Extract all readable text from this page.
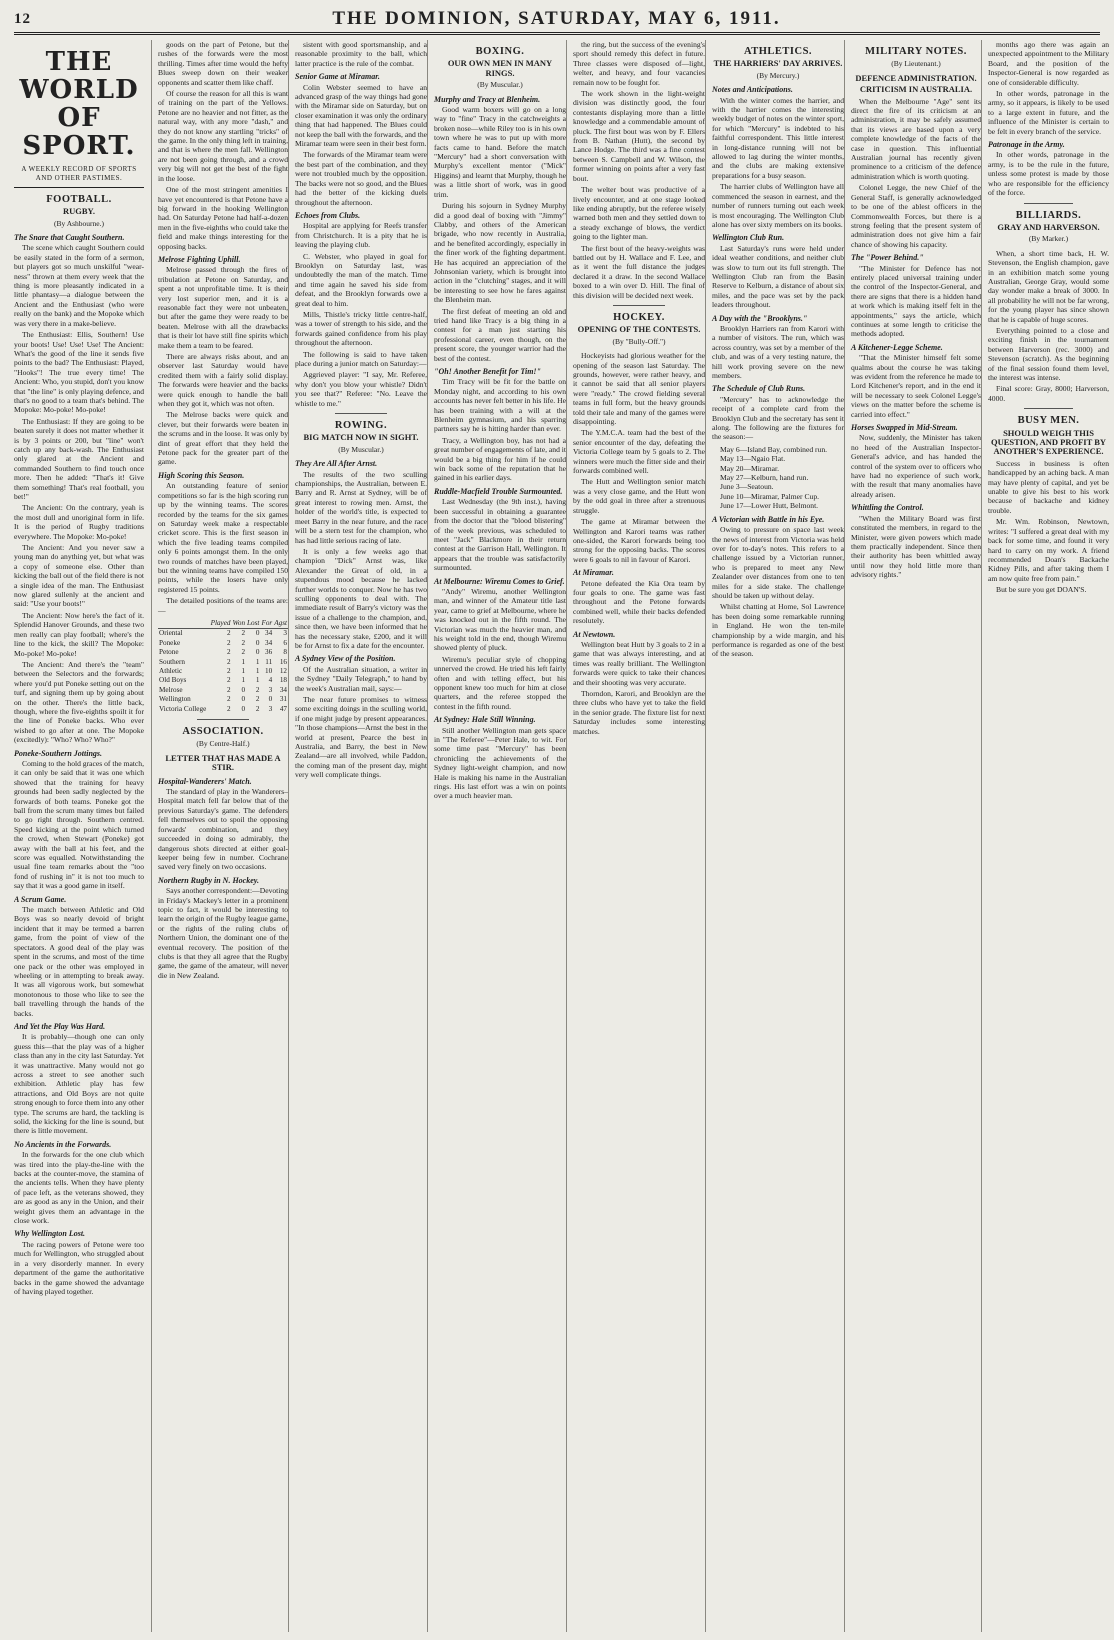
12	THE DOMINION, SATURDAY, MAY 6, 1911.
THE WORLD OF SPORT.
A WEEKLY RECORD OF SPORTS AND OTHER PASTIMES.
FOOTBALL.
RUGBY.
(By Ashbourne.)
The Snare that Caught Southern.

The scene which caught Southern could be easily stated in the form of a sermon, but players got so much unskilful "wear-ness" thrown at them every week that the thing is more pleasantly indicated in a little phantasy—a dialogue between the Ancient and the Enthusiast (who were really on the bank) and the Mopoke which was very there in a make-believe.

The Enthusiast: Ellis, Southern! Use your boots! Use! Use! Use! The Ancient: What's the good of the line it sends five points to the bad? The Enthusiast: Played, "Hooks"! The true every time! The Ancient: Who, you stupid, don't you know that "the line" is only playing defence, and that's no good to a team that's behind. The Mopoke: Mo-poke! Mo-poke!

The Enthusiast: If they are going to be beaten surely it does not matter whether it is by 3 points or 200, but "line" won't catch up any back-wash. The Enthusiast only glared at the Ancient and commanded Southern to find touch once more. Then he added: "That's it! Give them something! That's real football, you bet!"

The Ancient: On the contrary, yeah is the most dull and unoriginal form in life. It is the period of Rugby traditions everywhere. The Mopoke: Mo-poke!

The Ancient: And you never saw a young man do anything yet, but what was a copy of someone else. Other than kicking the ball out of the field there is not a single idea of the man. The Enthusiast now glared sullenly at the ancient and said: "Use your boots!"

The Ancient: Now here's the fact of it. Splendid Hanover Grounds, and these two men really can play football; where's the line to the kick, the skill? The Mopoke: Mo-poke! Mo-poke!

The Ancient: And there's the "team" between the Selectors and the forwards; where you'd put Poneke setting out on the turf, and signing them up by going about on the other. There's the little back, though, where the five-eighths spoilt it for the line of Poneke backs. Who ever wished to go after at one. The Mopoke (excitedly): "Who? Who? Who?"

Poneke-Southern Jottings.

Coming to the hold graces of the match, it can only be said that it was one which showed that the training for heavy grounds had been sadly neglected by the forwards of both teams. Poneke got the ball from the scrum many times but failed to go right through. Southern centred. Speed kicking at the point which turned the crowd, when Stewart (Poneke) got away with the ball at his feet, and the score was equalled. Notwithstanding the usual fine team remarks about the "too fond of rushing in" it is not too much to say that it was a good game in itself.

A Scrum Game.

The match between Athletic and Old Boys was so nearly devoid of bright incident that it may be termed a barren game, from the point of view of the spectators. A good deal of the play was spent in the scrums, and most of the time one pack or the other was employed in wheeling or in attempting to break away. It was all vigorous work, but somewhat monotonous to those who like to see the ball travelling through the hands of the backs.

And Yet the Play Was Hard.

It is probably—though one can only guess this—that the play was of a higher class than any in the city last Saturday. Yet it was unattractive. Many would not go across a street to see another such exhibition. Athletic play has few attractions, and Old Boys are not quite strong enough to force them into any other type. The scrums are hard, the tackling is solid, the kicking for the line is sound, but there is little movement.

No Ancients in the Forwards.

In the forwards for the one club which was tired into the play-the-line with the backs at the counter-move, the stamina of the ancients tells. When they have plenty of pace left, as the veterans showed, they are as good as any in the Union, and their weight gives them an advantage in the close work.

Why Wellington Lost.

The racing powers of Petone were too much for Wellington, who struggled about in a very disorderly manner. In every department of the game the authoritative backs in the game showed the advantage of having played together.

goods on the part of Petone, but the rushes of the forwards were the most thrilling. Times after time would the hefty Blues sweep down on their weaker opponents and scatter them like chaff.

Of course the reason for all this is want of training on the part of the Yellows. Petone are no heavier and not fitter, as the natural way, with any more "dash," and they do not know any startling "tricks" of the game. In the only thing left in training, and that is where the men fall. Wellington are not been going through, and a crowd very big will not get the best of the fight in the loose.

One of the most stringent amenities I have yet encountered is that Petone have a big forward in the hooking Wellington had. On Saturday Petone had half-a-dozen men in the five-eighths who could take the field and make things interesting for the opposing backs.

Melrose Fighting Uphill.

Melrose passed through the fires of tribulation at Petone on Saturday, and spent a not unprofitable time. It is their very lost superior men, and it is a reasonable fact they were not unbeaten, but after the game they were ready to be beaten. Melrose with all the drawbacks that is their lot have still fine spirits which make them a team to be feared.

There are always risks about, and an observer last Saturday would have credited them with a fairly solid display. The forwards were heavier and the backs were quick enough to handle the ball when they got it, which was not often.

The Melrose backs were quick and clever, but their forwards were beaten in the scrums and in the loose. It was only by dint of great effort that they held the Petone pack for the greater part of the game.

High Scoring this Season.

An outstanding feature of senior competitions so far is the high scoring run up by the winning teams. The scores recorded by the teams for the six games on Saturday week make a respectable cricket score. This is the first season in which the five leading teams compiled only 6 points amongst them. In the only two rounds of matches have been played, but the winning teams have compiled 150 points, while the losers have only registered 15 points.

The detailed positions of the teams are:—

	Played	Won	Lost	For	Agst
Oriental	2	2	0	34	3
Poneke	2	2	0	34	6
Petone	2	2	0	36	8
Southern	2	1	1	11	16
Athletic	2	1	1	10	12
Old Boys	2	1	1	4	18
Melrose	2	0	2	3	34
Wellington	2	0	2	0	31
Victoria College	2	0	2	3	47
ASSOCIATION.
(By Centre-Half.)
LETTER THAT HAS MADE A STIR.
Hospital-Wanderers' Match.

The standard of play in the Wanderers–Hospital match fell far below that of the previous Saturday's game. The defenders fell themselves out to spoil the opposing forwards' combination, and they succeeded in doing so admirably, the dangerous shots directed at either goal-keeper being few in number. Cochrane saved very finely on two occasions.

Northern Rugby in N. Hockey.

Says another correspondent:—Devoting in Friday's Mackey's letter in a prominent topic to fact, it would be interesting to learn the origin of the Rugby league game, or the rights of the ruling clubs of Northern Union, the dominant one of the eventual recovery. The position of the clubs is that they all agree that the Rugby game, the game of the amateur, will never die in New Zealand.

sistent with good sportsmanship, and a reasonable proximity to the ball, which latter practice is the rule of the combat.

Senior Game at Miramar.

Colin Webster seemed to have an advanced grasp of the way things had gone with the Miramar side on Saturday, but on closer examination it was only the ordinary thing that had happened. The Blues could not keep the ball with the forwards, and the Miramar team were seen in their best form.

The forwards of the Miramar team were the best part of the combination, and they were not troubled much by the opposition. The backs were not so good, and the Blues had the better of the kicking duels throughout the afternoon.

Echoes from Clubs.

Hospital are applying for Reefs transfer from Christchurch. It is a pity that he is leaving the playing club.

C. Webster, who played in goal for Brooklyn on Saturday last, was undoubtedly the man of the match. Time and time again he saved his side from defeat, and the Brooklyn forwards owe a great deal to him.

Mills, Thistle's tricky little centre-half, was a tower of strength to his side, and the forwards gained confidence from his play throughout the afternoon.

The following is said to have taken place during a junior match on Saturday:—

Aggrieved player: "I say, Mr. Referee, why don't you blow your whistle? Didn't you see that?" Referee: "No. Leave the whistle to me."

ROWING.
BIG MATCH NOW IN SIGHT.
(By Muscular.)
They Are All After Arnst.

The results of the two sculling championships, the Australian, between E. Barry and R. Arnst at Sydney, will be of great interest to rowing men. Arnst, the holder of the world's title, is expected to meet Barry in the near future, and the race will be a stern test for the champion, who has had little serious racing of late.

It is only a few weeks ago that champion "Dick" Arnst was, like Alexander the Great of old, in a stupendous mood because he lacked further worlds to conquer. Now he has two sculling opponents to deal with. The immediate result of Barry's victory was the issue of a challenge to the champion, and, since then, we have been informed that he has the necessary stake, £200, and it will be for Arnst to fix a date for the encounter.

A Sydney View of the Position.

Of the Australian situation, a writer in the Sydney "Daily Telegraph," to hand by the week's Australian mail, says:—

The near future promises to witness some exciting doings in the sculling world, if one might judge by present appearances. "In those champions—Arnst the best in the world at present, Pearce the best in Australia, and Barry, the best in New Zealand—are all involved, while Paddon, the coming man of the present day, might very well complicate things.

BOXING.
OUR OWN MEN IN MANY RINGS.
(By Muscular.)
Murphy and Tracy at Blenheim.

Good warm boxers will go on a long way to "fine" Tracy in the catchweights a broken nose—while Riley too is in his own town where he was to put up with more facts came to hand. Before the match "Mercury" had a short conversation with Murphy's excellent mentor ("Mick" Higgins) and learnt that Murphy, though he was a little short of work, was in good trim.

During his sojourn in Sydney Murphy did a good deal of boxing with "Jimmy" Clabby, and others of the American brigade, who now recently in Australia, and he benefited accordingly, especially in the finer work of the fighting department. He has acquired an appreciation of the Johnsonian variety, which is brought into action in the "clutching" stages, and it will be interesting to see how he fares against the Blenheim man.

The first defeat of meeting an old and tried hand like Tracy is a big thing in a contest for a man just starting his professional career, even though, on the present score, the younger warrior had the best of the contest.

"Oh! Another Benefit for Tim!"

Tim Tracy will be fit for the battle on Monday night, and according to his own accounts has never felt better in his life. He has been training with a will at the Blenheim gymnasium, and his sparring partners say he is hitting harder than ever.

Tracy, a Wellington boy, has not had a great number of engagements of late, and it would be a big thing for him if he could win back some of the reputation that he gained in his earlier days.

Ruddle-Macfield Trouble Surmounted.

Last Wednesday (the 9th inst.), having been successful in obtaining a guarantee from the doctor that the "blood blistering" of the week previous, was scheduled to meet "Jack" Blackmore in their return contest at the Garrison Hall, Wellington. It appears that the trouble was satisfactorily surmounted.

At Melbourne: Wiremu Comes to Grief.

"Andy" Wiremu, another Wellington man, and winner of the Amateur title last year, came to grief at Melbourne, where he was knocked out in the fifth round. The Victorian was much the heavier man, and his weight told in the end, though Wiremu showed plenty of pluck.

Wiremu's peculiar style of chopping unnerved the crowd. He tried his left fairly often and with telling effect, but his opponent knew too much for him at close quarters, and the referee stopped the contest in the fifth round.

At Sydney: Hale Still Winning.

Still another Wellington man gets space in "The Referee"—Peter Hale, to wit. For some time past "Mercury" has been chronicling the achievements of the Sydney light-weight champion, and now Hale is making his name in the Australian rings. His last effort was a win on points over a much heavier man.

the ring, but the success of the evening's sport should remedy this defect in future. Three classes were disposed of—light, welter, and heavy, and four vacancies remain now to be fought for.

The work shown in the light-weight division was distinctly good, the four contestants displaying more than a little knowledge and a commendable amount of pluck. The first bout was won by F. Ellers from B. Nathan (Hutt), the second by Lance Hodge. The third was a fine contest between S. Campbell and W. Wilson, the former winning on points after a very fast bout.

The welter bout was productive of a lively encounter, and at one stage looked like ending abruptly, but the referee wisely warned both men and they settled down to a steady exchange of blows, the verdict going to the lighter man.

The first bout of the heavy-weights was battled out by H. Wallace and F. Lee, and as it went the full distance the judges declared it a draw. In the second Wallace boxed to a win over D. Hill. The final of this division will be decided next week.

HOCKEY.
OPENING OF THE CONTESTS.
(By "Bully-Off.")

Hockeyists had glorious weather for the opening of the season last Saturday. The grounds, however, were rather heavy, and it cannot be said that all senior players were "ready." The crowd fielding several teams in full form, but the heavy grounds told their tale and many of the games were disappointing.

The Y.M.C.A. team had the best of the senior encounter of the day, defeating the Victoria College team by 5 goals to 2. The winners were much the fitter side and their forwards combined well.

The Hutt and Wellington senior match was a very close game, and the Hutt won by the odd goal in three after a strenuous struggle.

The game at Miramar between the Wellington and Karori teams was rather one-sided, the Karori forwards being too strong for the opposing backs. The scores were 6 goals to nil in favour of Karori.

At Miramar.

Petone defeated the Kia Ora team by four goals to one. The game was fast throughout and the Petone forwards combined well, while their backs defended resolutely.

At Newtown.

Wellington beat Hutt by 3 goals to 2 in a game that was always interesting, and at times was really brilliant. The Wellington forwards were quick to take their chances and their shooting was very accurate.

Thorndon, Karori, and Brooklyn are the three clubs who have yet to take the field in the senior grade. The fixture list for next Saturday includes some interesting matches.

ATHLETICS.
THE HARRIERS' DAY ARRIVES.
(By Mercury.)
Notes and Anticipations.

With the winter comes the harrier, and with the harrier comes the interesting weekly budget of notes on the winter sport, for which "Mercury" is indebted to his faithful correspondent. This little interest in long-distance running will not be allowed to lag during the winter months, and the clubs are making extensive preparations for a busy season.

The harrier clubs of Wellington have all commenced the season in earnest, and the number of runners turning out each week is most encouraging. The Wellington Club alone has over sixty members on its books.

Wellington Club Run.

Last Saturday's runs were held under ideal weather conditions, and neither club was slow to turn out its full strength. The Wellington Club ran from the Basin Reserve to Kelburn, a distance of about six miles, and the pace was set by the pack leaders throughout.

A Day with the "Brooklyns."

Brooklyn Harriers ran from Karori with a number of visitors. The run, which was across country, was set by a member of the club, and was of a very testing nature, the hill work proving severe on the new members.

The Schedule of Club Runs.

"Mercury" has to acknowledge the receipt of a complete card from the Brooklyn Club and the secretary has sent it along. The following are the fixtures for the season:—

May 6—Island Bay, combined run.
May 13—Ngaio Flat.
May 20—Miramar.
May 27—Kelburn, hand run.
June 3—Seatoun.
June 10—Miramar, Palmer Cup.
June 17—Lower Hutt, Belmont.
A Victorian with Battle in his Eye.

Owing to pressure on space last week the news of interest from Victoria was held over for to-day's notes. This refers to a challenge issued by a Victorian runner, who is prepared to meet any New Zealander over distances from one to ten miles for a side stake. The challenge should be taken up without delay.

Whilst chatting at Home, Sol Lawrence has been doing some remarkable running in England. He won the ten-mile championship by a wide margin, and his performance is regarded as one of the best of the season.

MILITARY NOTES.
(By Lieutenant.)
DEFENCE ADMINISTRATION.
CRITICISM IN AUSTRALIA.

When the Melbourne "Age" sent its direct the fire of its criticism at an administration, it may be safely assumed that its views are based upon a very complete knowledge of the facts of the case in question. This influential Australian journal has recently given prominence to a criticism of the defence administration which is worth quoting.

Colonel Legge, the new Chief of the General Staff, is generally acknowledged to be one of the ablest officers in the Commonwealth Forces, but there is a strong feeling that the present system of administration does not give him a fair chance of showing his capacity.

The "Power Behind."

"The Minister for Defence has not entirely placed universal training under the control of the Inspector-General, and there are signs that there is a hidden hand at work which is making itself felt in the appointments," says the article, which continues at some length to criticise the methods adopted.

A Kitchener-Legge Scheme.

"That the Minister himself felt some qualms about the course he was taking was evident from the reference he made to Lord Kitchener's report, and in the end it will be necessary to seek Colonel Legge's views on the matter before the scheme is carried into effect."

Horses Swapped in Mid-Stream.

Now, suddenly, the Minister has taken no heed of the Australian Inspector-General's advice, and has handed the control of the system over to officers who have had no experience of such work, with the result that many anomalies have already arisen.

Whittling the Control.

"When the Military Board was first constituted the members, in regard to the Minister, were given powers which made them practically independent. Since then their authority has been whittled away until now they hold little more than advisory rights."

months ago there was again an unexpected appointment to the Military Board, and the position of the Inspector-General is now regarded as one of considerable difficulty.

In other words, patronage in the army, so it appears, is likely to be used to a large extent in future, and the influence of the Minister is certain to be felt in every branch of the service.

Patronage in the Army.

In other words, patronage in the army, is to be the rule in the future, unless some protest is made by those who are responsible for the efficiency of the force.

BILLIARDS.
GRAY AND HARVERSON.
(By Marker.)

When, a short time back, H. W. Stevenson, the English champion, gave in an exhibition match some young Australian, George Gray, would some day wonder make a break of 3000. In all probability he will not be far wrong, for the young player has since shown that he is capable of huge scores.

Everything pointed to a close and exciting finish in the tournament between Harverson (rec. 3000) and Stevenson (scratch). As the beginning of the final session found them level, the interest was intense.

Final score: Gray, 8000; Harverson, 4000.

BUSY MEN.
SHOULD WEIGH THIS QUESTION, AND PROFIT BY ANOTHER'S EXPERIENCE.

Success in business is often handicapped by an aching back. A man may have plenty of capital, and yet be unable to give his best to his work because of backache and kidney trouble.

Mr. Wm. Robinson, Newtown, writes: "I suffered a great deal with my back for some time, and found it very hard to carry on my work. A friend recommended Doan's Backache Kidney Pills, and after taking them I am now quite free from pain."

But be sure you get DOAN'S.
